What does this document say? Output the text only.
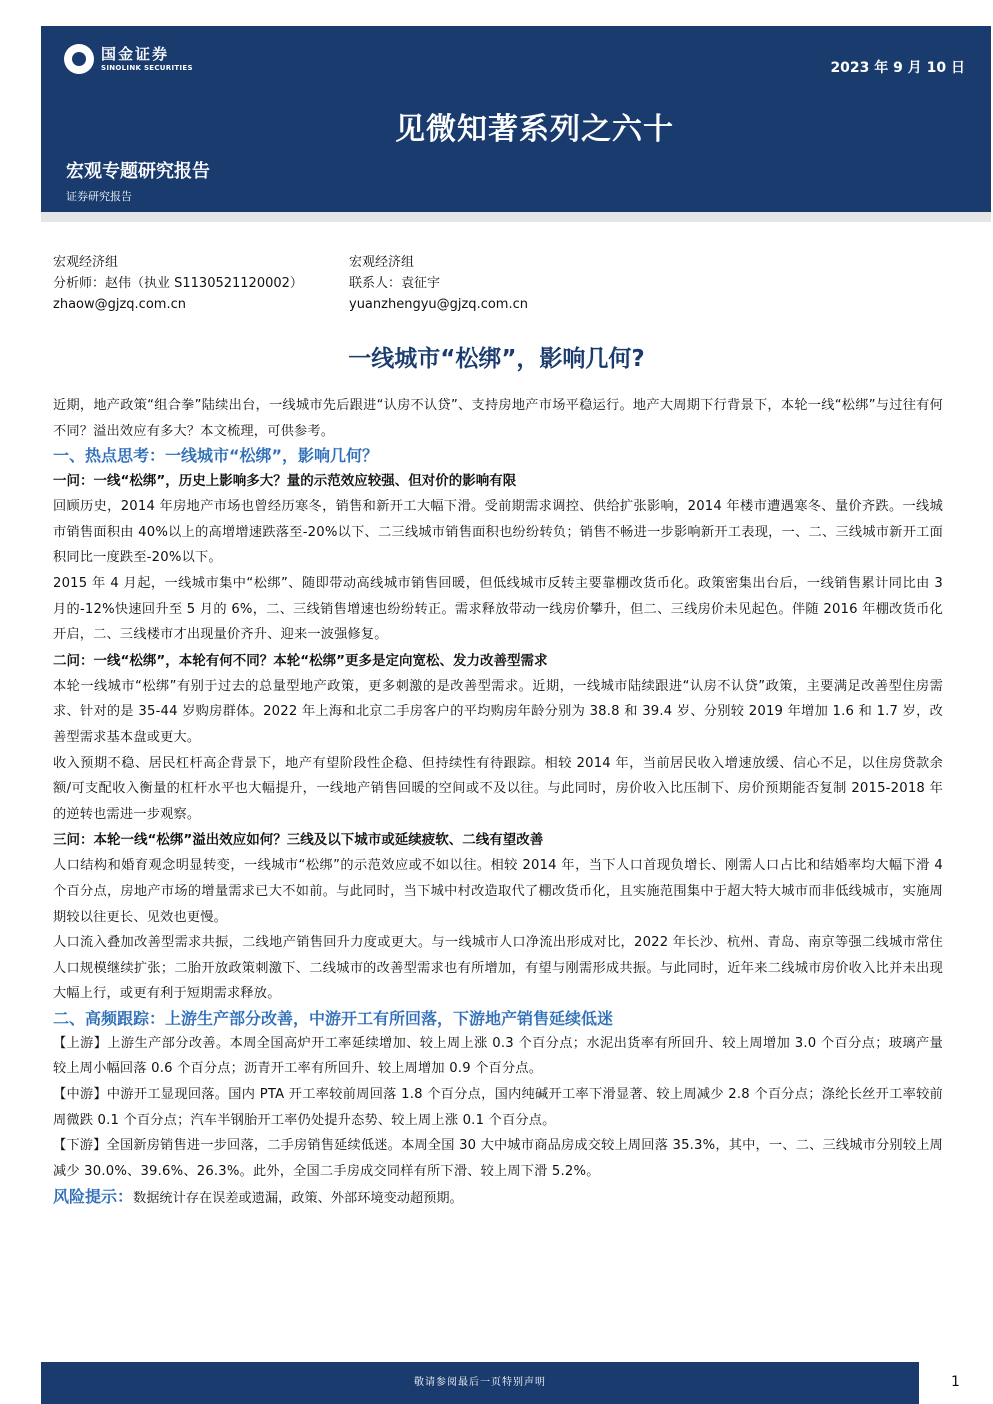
国金证券
SINOLINK SECURITIES	2023 年 9 月 10 日
见微知著系列之六十
宏观专题研究报告
证券研究报告
宏观经济组
分析师：赵伟（执业 S1130521120002）
zhaow@gjzq.com.cn
宏观经济组
联系人：袁征宇
yuanzhengyu@gjzq.com.cn
一线城市“松绑”，影响几何?

近期，地产政策“组合拳”陆续出台，一线城市先后跟进“认房不认贷”、支持房地产市场平稳运行。地产大周期下行背景下，本轮一线“松绑”与过往有何不同？溢出效应有多大？本文梳理，可供参考。

一、热点思考：一线城市“松绑”，影响几何？

一问：一线“松绑”，历史上影响多大？量的示范效应较强、但对价的影响有限

回顾历史，2014 年房地产市场也曾经历寒冬，销售和新开工大幅下滑。受前期需求调控、供给扩张影响，2014 年楼市遭遇寒冬、量价齐跌。一线城市销售面积由 40%以上的高增增速跌落至-20%以下、二三线城市销售面积也纷纷转负；销售不畅进一步影响新开工表现，一、二、三线城市新开工面积同比一度跌至-20%以下。

2015 年 4 月起，一线城市集中“松绑”、随即带动高线城市销售回暖，但低线城市反转主要靠棚改货币化。政策密集出台后，一线销售累计同比由 3 月的-12%快速回升至 5 月的 6%，二、三线销售增速也纷纷转正。需求释放带动一线房价攀升，但二、三线房价未见起色。伴随 2016 年棚改货币化开启，二、三线楼市才出现量价齐升、迎来一波强修复。

二问：一线“松绑”，本轮有何不同？本轮“松绑”更多是定向宽松、发力改善型需求

本轮一线城市“松绑”有别于过去的总量型地产政策，更多刺激的是改善型需求。近期，一线城市陆续跟进“认房不认贷”政策，主要满足改善型住房需求、针对的是 35-44 岁购房群体。2022 年上海和北京二手房客户的平均购房年龄分别为 38.8 和 39.4 岁、分别较 2019 年增加 1.6 和 1.7 岁，改善型需求基本盘或更大。

收入预期不稳、居民杠杆高企背景下，地产有望阶段性企稳、但持续性有待跟踪。相较 2014 年，当前居民收入增速放缓、信心不足，以住房贷款余额/可支配收入衡量的杠杆水平也大幅提升，一线地产销售回暖的空间或不及以往。与此同时，房价收入比压制下、房价预期能否复制 2015-2018 年的逆转也需进一步观察。

三问：本轮一线“松绑”溢出效应如何？三线及以下城市或延续疲软、二线有望改善

人口结构和婚育观念明显转变，一线城市“松绑”的示范效应或不如以往。相较 2014 年，当下人口首现负增长、刚需人口占比和结婚率均大幅下滑 4 个百分点，房地产市场的增量需求已大不如前。与此同时，当下城中村改造取代了棚改货币化，且实施范围集中于超大特大城市而非低线城市，实施周期较以往更长、见效也更慢。

人口流入叠加改善型需求共振，二线地产销售回升力度或更大。与一线城市人口净流出形成对比，2022 年长沙、杭州、青岛、南京等强二线城市常住人口规模继续扩张；二胎开放政策刺激下、二线城市的改善型需求也有所增加，有望与刚需形成共振。与此同时，近年来二线城市房价收入比并未出现大幅上行，或更有利于短期需求释放。

二、高频跟踪：上游生产部分改善，中游开工有所回落，下游地产销售延续低迷

【上游】上游生产部分改善。本周全国高炉开工率延续增加、较上周上涨 0.3 个百分点；水泥出货率有所回升、较上周增加 3.0 个百分点；玻璃产量较上周小幅回落 0.6 个百分点；沥青开工率有所回升、较上周增加 0.9 个百分点。

【中游】中游开工显现回落。国内 PTA 开工率较前周回落 1.8 个百分点，国内纯碱开工率下滑显著、较上周减少 2.8 个百分点；涤纶长丝开工率较前周微跌 0.1 个百分点；汽车半钢胎开工率仍处提升态势、较上周上涨 0.1 个百分点。

【下游】全国新房销售进一步回落，二手房销售延续低迷。本周全国 30 大中城市商品房成交较上周回落 35.3%，其中，一、二、三线城市分别较上周减少 30.0%、39.6%、26.3%。此外，全国二手房成交同样有所下滑、较上周下滑 5.2%。

风险提示：数据统计存在误差或遗漏，政策、外部环境变动超预期。

敬请参阅最后一页特别声明	1
